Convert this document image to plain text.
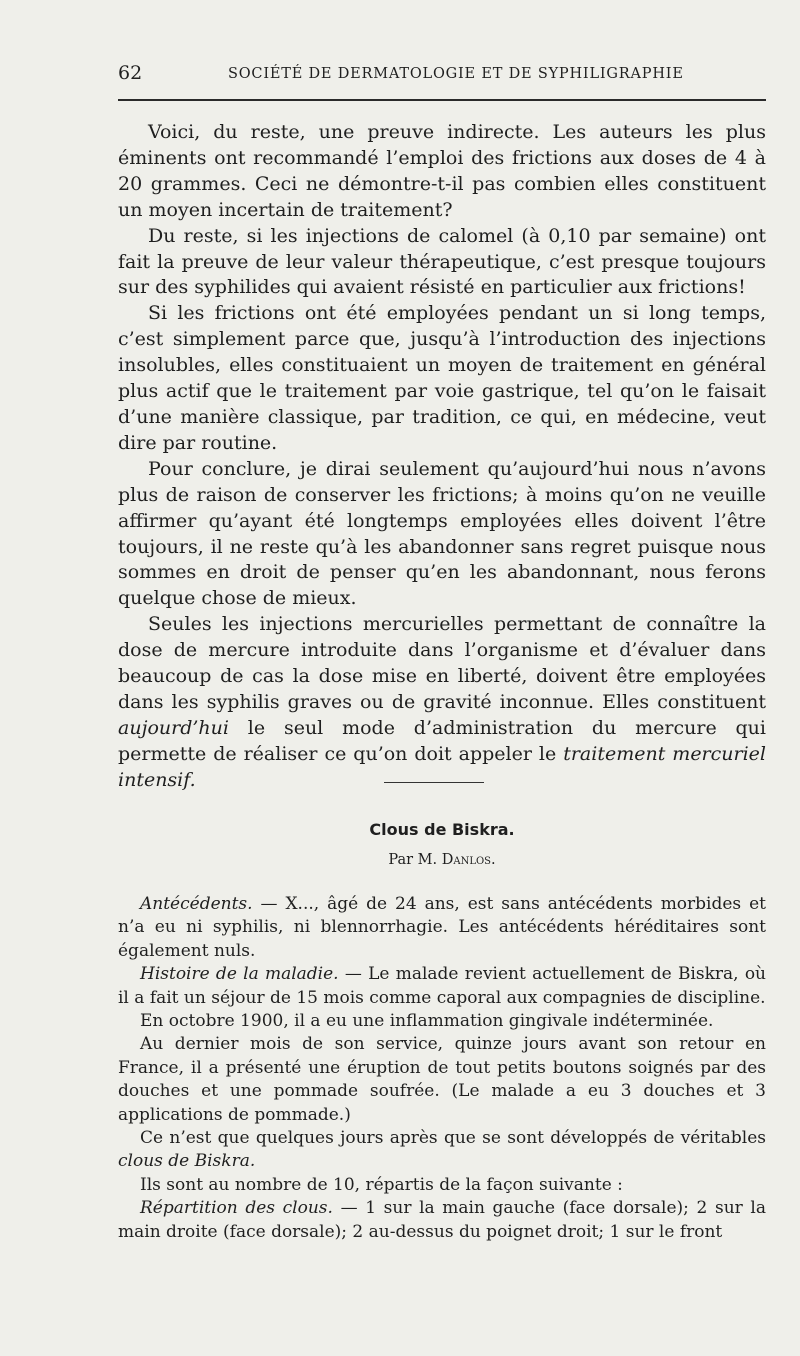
62	SOCIÉTÉ DE DERMATOLOGIE ET DE SYPHILIGRAPHIE

Voici, du reste, une preuve indirecte. Les auteurs les plus éminents ont recommandé l’emploi des frictions aux doses de 4 à 20 grammes. Ceci ne démontre-t-il pas combien elles constituent un moyen incertain de traitement?

Du reste, si les injections de calomel (à 0,10 par semaine) ont fait la preuve de leur valeur thérapeutique, c’est presque toujours sur des syphilides qui avaient résisté en particulier aux frictions!

Si les frictions ont été employées pendant un si long temps, c’est simplement parce que, jusqu’à l’introduction des injections insolubles, elles constituaient un moyen de traitement en général plus actif que le traitement par voie gastrique, tel qu’on le faisait d’une manière classique, par tradition, ce qui, en médecine, veut dire par routine.

Pour conclure, je dirai seulement qu’aujourd’hui nous n’avons plus de raison de conserver les frictions; à moins qu’on ne veuille affirmer qu’ayant été longtemps employées elles doivent l’être toujours, il ne reste qu’à les abandonner sans regret puisque nous sommes en droit de penser qu’en les abandonnant, nous ferons quelque chose de mieux.

Seules les injections mercurielles permettant de connaître la dose de mercure introduite dans l’organisme et d’évaluer dans beaucoup de cas la dose mise en liberté, doivent être employées dans les syphilis graves ou de gravité inconnue. Elles constituent aujourd’hui le seul mode d’administration du mercure qui permette de réaliser ce qu’on doit appeler le traitement mercuriel intensif.

Clous de Biskra.
Par M. Danlos.

Antécédents. — X..., âgé de 24 ans, est sans antécédents morbides et n’a eu ni syphilis, ni blennorrhagie. Les antécédents héréditaires sont également nuls.

Histoire de la maladie. — Le malade revient actuellement de Biskra, où il a fait un séjour de 15 mois comme caporal aux compagnies de discipline.

En octobre 1900, il a eu une inflammation gingivale indéterminée.

Au dernier mois de son service, quinze jours avant son retour en France, il a présenté une éruption de tout petits boutons soignés par des douches et une pommade soufrée. (Le malade a eu 3 douches et 3 applications de pommade.)

Ce n’est que quelques jours après que se sont développés de véritables clous de Biskra.

Ils sont au nombre de 10, répartis de la façon suivante :

Répartition des clous. — 1 sur la main gauche (face dorsale); 2 sur la main droite (face dorsale); 2 au-dessus du poignet droit; 1 sur le front
